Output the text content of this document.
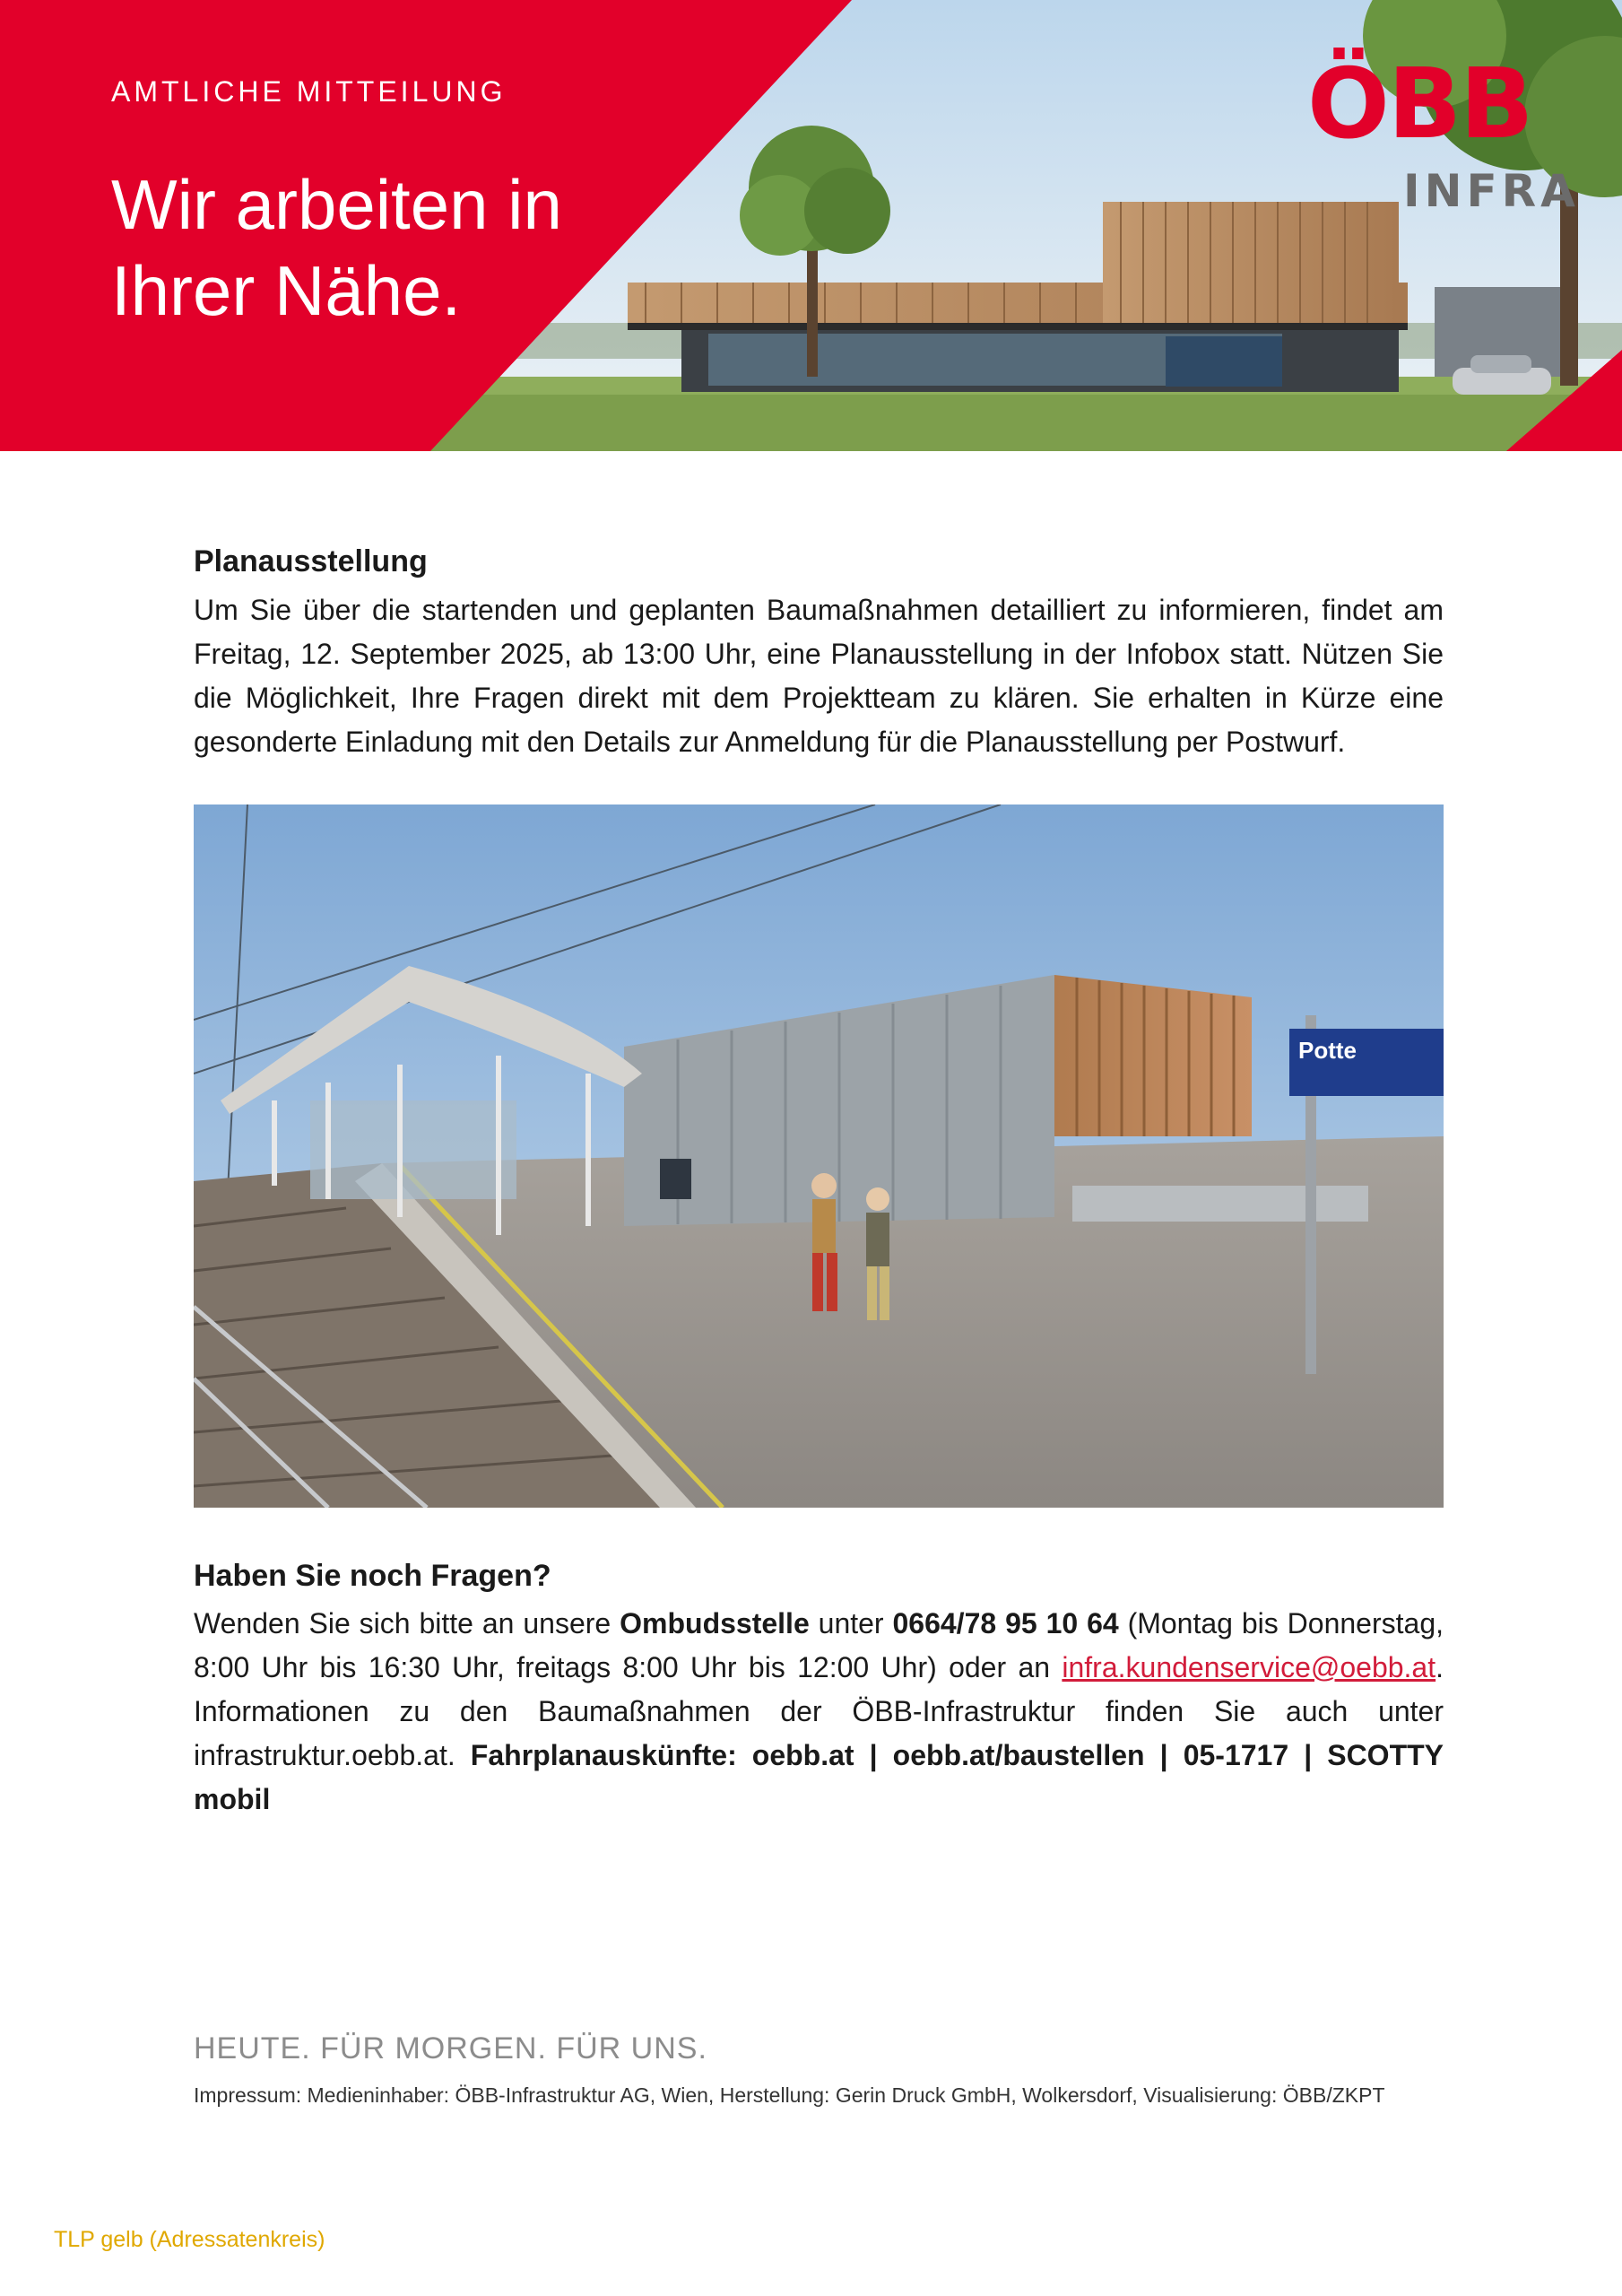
AMTLICHE MITTEILUNG

Wir arbeiten in Ihrer Nähe.
ÖBB
INFRA
Planausstellung

Um Sie über die startenden und geplanten Baumaßnahmen detailliert zu informieren, findet am Freitag, 12. September 2025, ab 13:00 Uhr, eine Planausstellung in der Infobox statt. Nützen Sie die Möglichkeit, Ihre Fragen direkt mit dem Projektteam zu klären. Sie erhalten in Kürze eine gesonderte Einladung mit den Details zur Anmeldung für die Planausstellung per Postwurf.

Potte
Haben Sie noch Fragen?

Wenden Sie sich bitte an unsere Ombudsstelle unter 0664/78 95 10 64 (Montag bis Donnerstag, 8:00 Uhr bis 16:30 Uhr, freitags 8:00 Uhr bis 12:00 Uhr) oder an infra.kundenservice@oebb.at. Informationen zu den Baumaßnahmen der ÖBB-Infrastruktur finden Sie auch unter infrastruktur.oebb.at. Fahrplanauskünfte: oebb.at | oebb.at/baustellen | 05-1717 | SCOTTY mobil

HEUTE. FÜR MORGEN. FÜR UNS.

Impressum: Medieninhaber: ÖBB-Infrastruktur AG, Wien, Herstellung: Gerin Druck GmbH, Wolkersdorf, Visualisierung: ÖBB/ZKPT

TLP gelb (Adressatenkreis)
